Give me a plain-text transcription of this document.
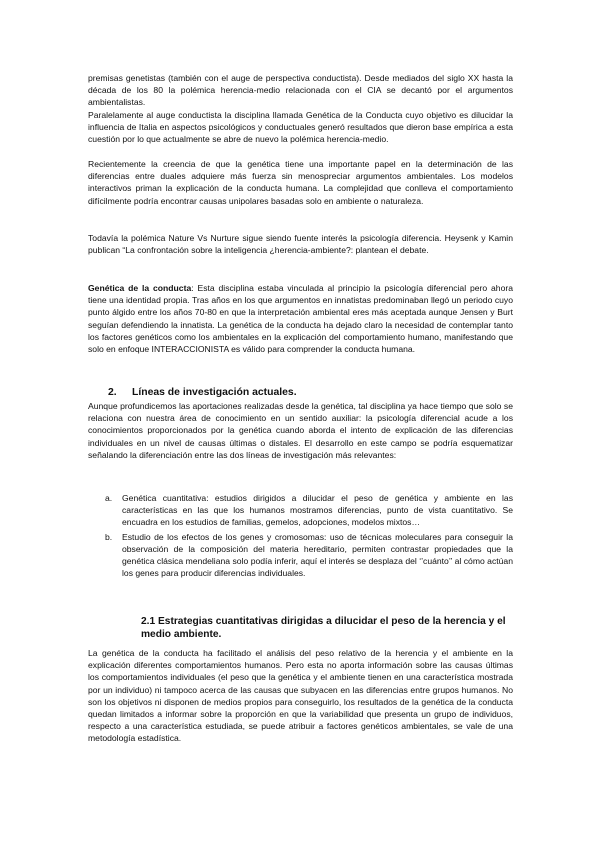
premisas genetistas (también con el auge de perspectiva conductista). Desde mediados del siglo XX hasta la década de los 80 la polémica herencia-medio relacionada con el CIA se decantó por el argumentos ambientalistas.

Paralelamente al auge conductista la disciplina llamada Genética de la Conducta cuyo objetivo es dilucidar la influencia de Italia en aspectos psicológicos y conductuales generó resultados que dieron base empírica a esta cuestión por lo que actualmente se abre de nuevo la polémica herencia-medio.

Recientemente la creencia de que la genética tiene una importante papel en la determinación de las diferencias entre duales adquiere más fuerza sin menospreciar argumentos ambientales. Los modelos interactivos priman la explicación de la conducta humana. La complejidad que conlleva el comportamiento difícilmente podría encontrar causas unipolares basadas solo en ambiente o naturaleza.

Todavía la polémica Nature Vs Nurture sigue siendo fuente interés la psicología diferencia. Heysenk y Kamin publican “La confrontación sobre la inteligencia ¿herencia-ambiente?: plantean el debate.

Genética de la conducta: Esta disciplina estaba vinculada al principio la psicología diferencial pero ahora tiene una identidad propia. Tras años en los que argumentos en innatistas predominaban llegó un periodo cuyo punto álgido entre los años 70-80 en que la interpretación ambiental eres más aceptada aunque Jensen y Burt seguían defendiendo la innatista. La genética de la conducta ha dejado claro la necesidad de contemplar tanto los factores genéticos como los ambientales en la explicación del comportamiento humano, manifestando que solo en enfoque INTERACCIONISTA es válido para comprender la conducta humana.

2. Líneas de investigación actuales.

Aunque profundicemos las aportaciones realizadas desde la genética, tal disciplina ya hace tiempo que solo se relaciona con nuestra área de conocimiento en un sentido auxiliar: la psicología diferencial acude a los conocimientos proporcionados por la genética cuando aborda el intento de explicación de las diferencias individuales en un nivel de causas últimas o distales. El desarrollo en este campo se podría esquematizar señalando la diferenciación entre las dos líneas de investigación más relevantes:

a. Genética cuantitativa: estudios dirigidos a dilucidar el peso de genética y ambiente en las características en las que los humanos mostramos diferencias, punto de vista cuantitativo. Se encuadra en los estudios de familias, gemelos, adopciones, modelos mixtos…

b. Estudio de los efectos de los genes y cromosomas: uso de técnicas moleculares para conseguir la observación de la composición del materia hereditario, permiten contrastar propiedades que la genética clásica mendeliana solo podía inferir, aquí el interés se desplaza del ‘’cuánto’’ al cómo actúan los genes para producir diferencias individuales.

2.1 Estrategias cuantitativas dirigidas a dilucidar el peso de la herencia y el medio ambiente.

La genética de la conducta ha facilitado el análisis del peso relativo de la herencia y el ambiente en la explicación diferentes comportamientos humanos. Pero esta no aporta información sobre las causas últimas los comportamientos individuales (el peso que la genética y el ambiente tienen en una característica mostrada por un individuo) ni tampoco acerca de las causas que subyacen en las diferencias entre grupos humanos. No son los objetivos ni disponen de medios propios para conseguirlo, los resultados de la genética de la conducta quedan limitados a informar sobre la proporción en que la variabilidad que presenta un grupo de individuos, respecto a una característica estudiada, se puede atribuir a factores genéticos ambientales, se vale de una metodología estadística.
